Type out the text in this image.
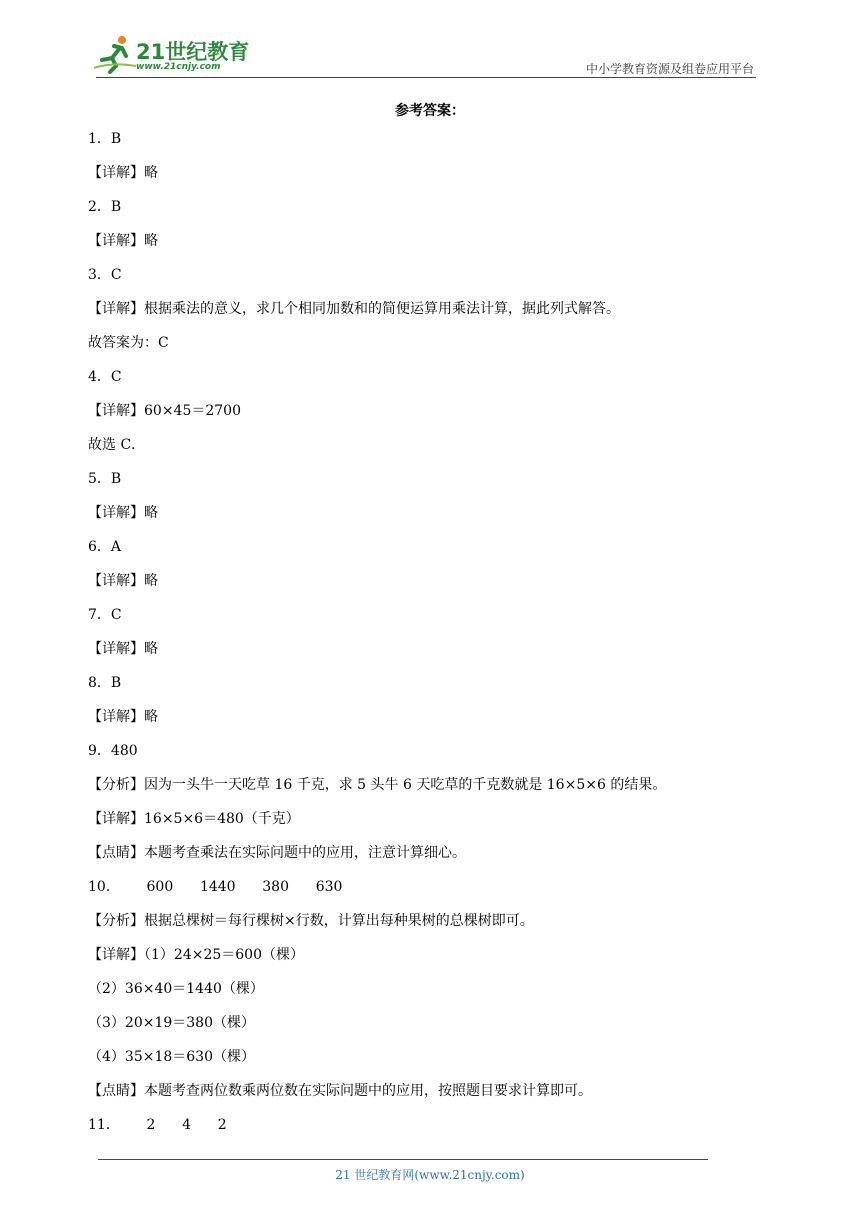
21世纪教育
www.21cnjy.com	中小学教育资源及组卷应用平台
参考答案：
1．B
【详解】略
2．B
【详解】略
3．C
【详解】根据乘法的意义，求几个相同加数和的简便运算用乘法计算，据此列式解答。
故答案为：C
4．C
【详解】60×45＝2700
故选 C．
5．B
【详解】略
6．A
【详解】略
7．C
【详解】略
8．B
【详解】略
9．480
【分析】因为一头牛一天吃草 16 千克，求 5 头牛 6 天吃草的千克数就是 16×5×6 的结果。
【详解】16×5×6＝480（千克）
【点睛】本题考查乘法在实际问题中的应用，注意计算细心。
10．      600      1440      380      630
【分析】根据总棵树＝每行棵树×行数，计算出每种果树的总棵树即可。
【详解】（1）24×25＝600（棵）
（2）36×40＝1440（棵）
（3）20×19＝380（棵）
（4）35×18＝630（棵）
【点睛】本题考查两位数乘两位数在实际问题中的应用，按照题目要求计算即可。
11．      2      4      2
21 世纪教育网(www.21cnjy.com)
